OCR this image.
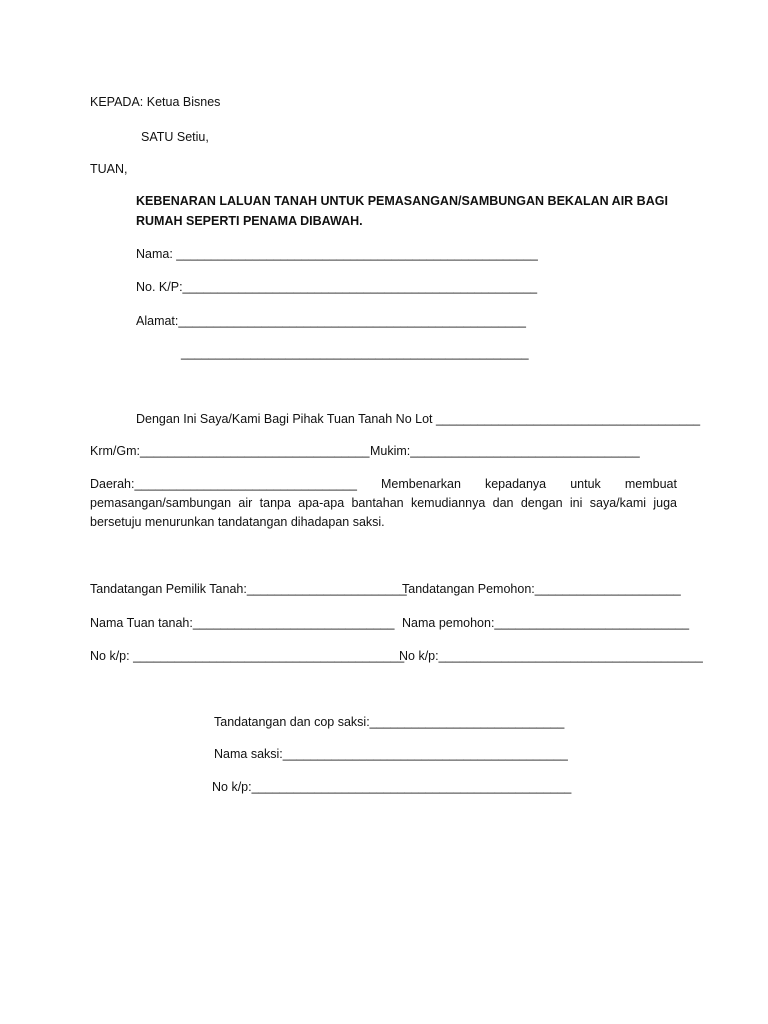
KEPADA: Ketua Bisnes
SATU Setiu,
TUAN,
KEBENARAN LALUAN TANAH UNTUK PEMASANGAN/SAMBUNGAN BEKALAN AIR BAGI
RUMAH SEPERTI PENAMA DIBAWAH.
Nama: ____________________________________________________
No. K/P:___________________________________________________
Alamat:__________________________________________________
__________________________________________________
Dengan Ini Saya/Kami Bagi Pihak Tuan Tanah No Lot ______________________________________
Krm/Gm:_________________________________ Mukim:_________________________________
Daerah:________________________________ Membenarkan kepadanya untuk membuat
pemasangan/sambungan air tanpa apa-apa bantahan kemudiannya dan dengan ini saya/kami juga bersetuju menurunkan tandatangan dihadapan saksi.
Tandatangan Pemilik Tanah:_______________________
Tandatangan Pemohon:_____________________
Nama Tuan tanah:_____________________________ Nama pemohon:____________________________
No k/p: _______________________________________
No k/p:______________________________________
Tandatangan dan cop saksi:____________________________
Nama saksi:_________________________________________
No k/p:______________________________________________
